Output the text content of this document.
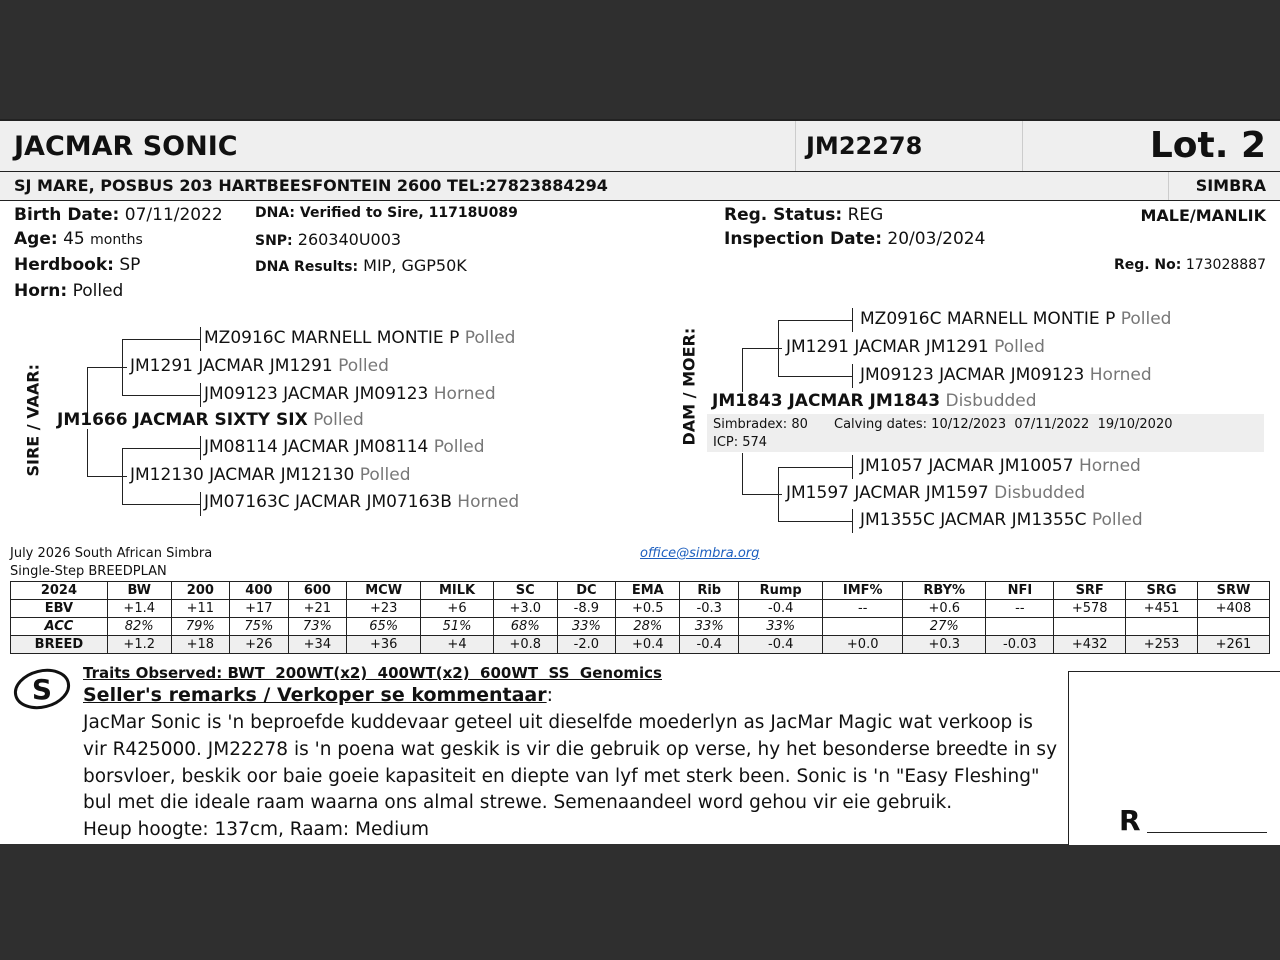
JACMAR SONIC	JM22278	Lot. 2
SJ MARE, POSBUS 203 HARTBEESFONTEIN 2600 TEL:27823884294	SIMBRA
Birth Date: 07/11/2022
Age: 45 months
Herdbook: SP
Horn: Polled
DNA: Verified to Sire, 11718U089
SNP: 260340U003
DNA Results: MIP, GGP50K
Reg. Status: REG
Inspection Date: 20/03/2024
MALE/MANLIK
Reg. No: 173028887
SIRE / VAAR:
MZ0916C MARNELL MONTIE P Polled
JM1291 JACMAR JM1291 Polled
JM09123 JACMAR JM09123 Horned
JM1666 JACMAR SIXTY SIX Polled
JM08114 JACMAR JM08114 Polled
JM12130 JACMAR JM12130 Polled
JM07163C JACMAR JM07163B Horned
DAM / MOER:
MZ0916C MARNELL MONTIE P Polled
JM1291 JACMAR JM1291 Polled
JM09123 JACMAR JM09123 Horned
JM1843 JACMAR JM1843 Disbudded
Simbradex: 80
ICP: 574
Calving dates: 10/12/2023  07/11/2022  19/10/2020
JM1057 JACMAR JM10057 Horned
JM1597 JACMAR JM1597 Disbudded
JM1355C JACMAR JM1355C Polled
July 2026 South African Simbra
Single-Step BREEDPLAN
office@simbra.org
2024	BW	200	400	600	MCW	MILK	SC	DC	EMA	Rib	Rump	IMF%	RBY%	NFI	SRF	SRG	SRW
EBV	+1.4	+11	+17	+21	+23	+6	+3.0	-8.9	+0.5	-0.3	-0.4	--	+0.6	--	+578	+451	+408
ACC	82%	79%	75%	73%	65%	51%	68%	33%	28%	33%	33%		27%				
BREED	+1.2	+18	+26	+34	+36	+4	+0.8	-2.0	+0.4	-0.4	-0.4	+0.0	+0.3	-0.03	+432	+253	+261
S Traits Observed: BWT  200WT(x2)  400WT(x2)  600WT  SS  Genomics
Seller's remarks / Verkoper se kommentaar:
JacMar Sonic is 'n beproefde kuddevaar geteel uit dieselfde moederlyn as JacMar Magic wat verkoop is
vir R425000. JM22278 is 'n poena wat geskik is vir die gebruik op verse, hy het besonderse breedte in sy
borsvloer, beskik oor baie goeie kapasiteit en diepte van lyf met sterk been. Sonic is 'n "Easy Fleshing"
bul met die ideale raam waarna ons almal strewe. Semenaandeel word gehou vir eie gebruik.
Heup hoogte: 137cm, Raam: Medium	R
